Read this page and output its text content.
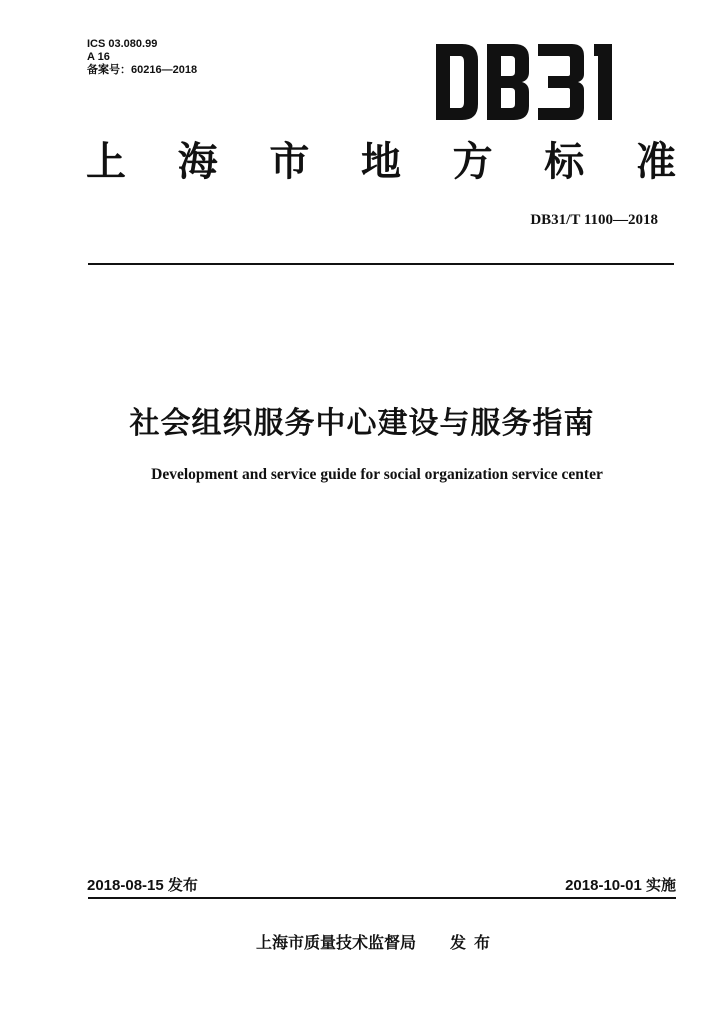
ICS 03.080.99
A 16
备案号：60216—2018
上 海 市 地 方 标 准
DB31/T 1100—2018
社会组织服务中心建设与服务指南
Development and service guide for social organization service center
2018-08-15 发布	2018-10-01 实施
上海市质量技术监督局 发布
